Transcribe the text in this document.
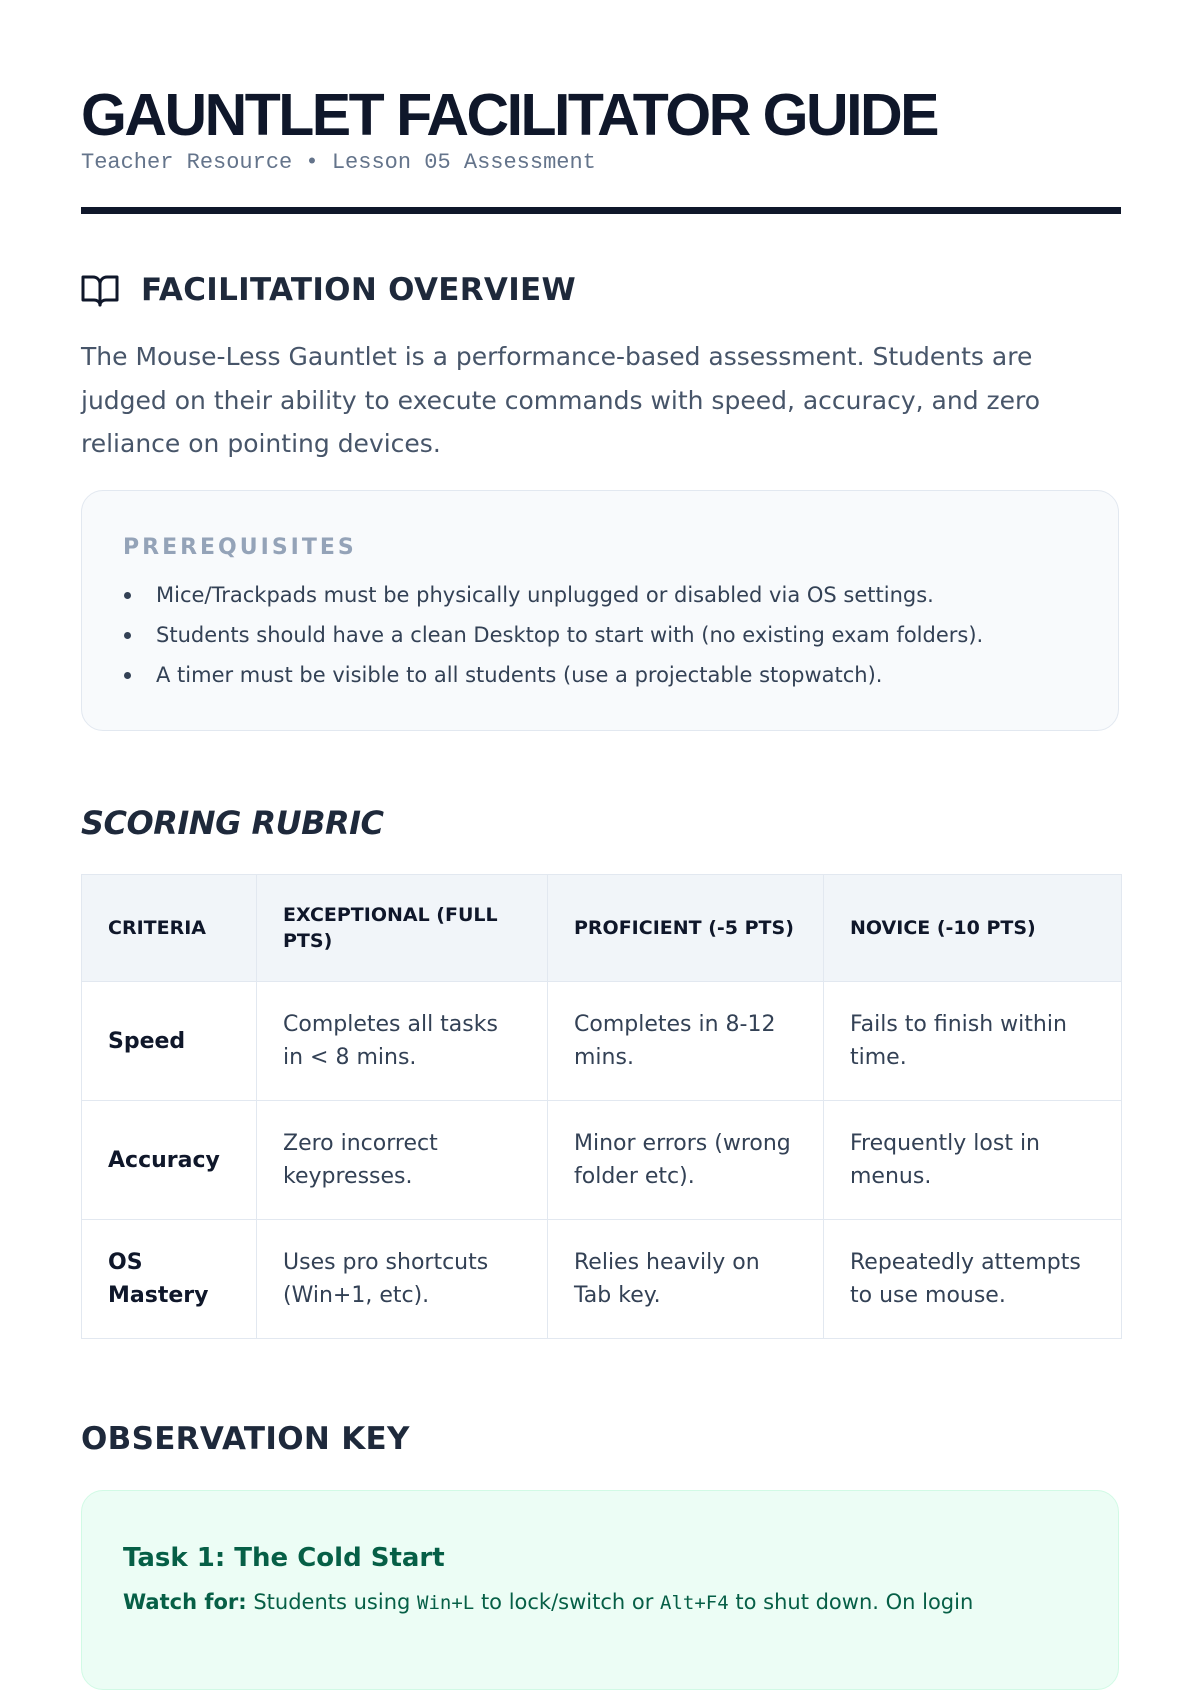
GAUNTLET FACILITATOR GUIDE
Teacher Resource • Lesson 05 Assessment
FACILITATION OVERVIEW

The Mouse-Less Gauntlet is a performance-based assessment. Students are judged on their ability to execute commands with speed, accuracy, and zero reliance on pointing devices.

PREREQUISITES
Mice/Trackpads must be physically unplugged or disabled via OS settings.
Students should have a clean Desktop to start with (no existing exam folders).
A timer must be visible to all students (use a projectable stopwatch).
SCORING RUBRIC
CRITERIA	EXCEPTIONAL (FULL PTS)	PROFICIENT (-5 PTS)	NOVICE (-10 PTS)
Speed	Completes all tasks in < 8 mins.	Completes in 8-12 mins.	Fails to finish within time.
Accuracy	Zero incorrect keypresses.	Minor errors (wrong folder etc).	Frequently lost in menus.
OS Mastery	Uses pro shortcuts (Win+1, etc).	Relies heavily on Tab key.	Repeatedly attempts to use mouse.
OBSERVATION KEY
Task 1: The Cold Start
Watch for: Students using Win+L to lock/switch or Alt+F4 to shut down. On login
